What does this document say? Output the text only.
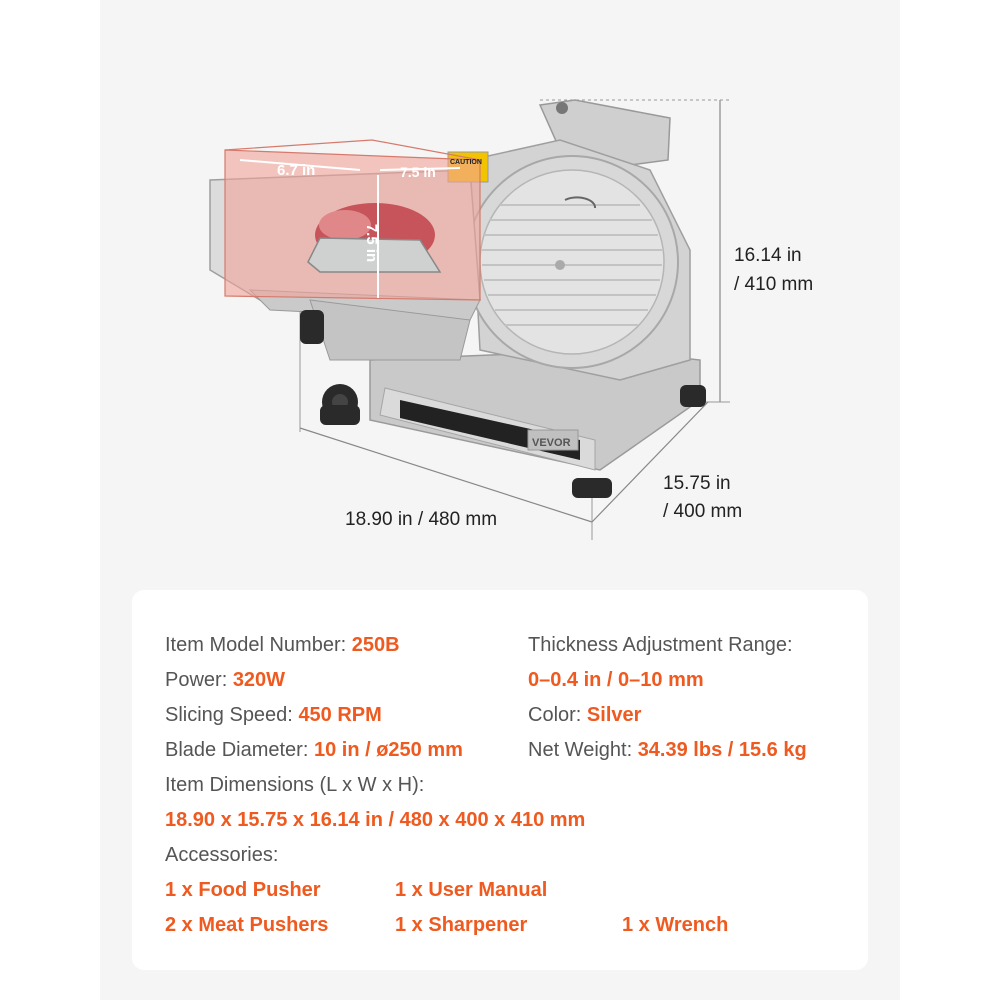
6.7 in	7.5 in
7.5 in
VEVOR
CAUTION
16.14 in
/ 410 mm
18.90 in / 480 mm
15.75 in
/ 400 mm
Item Model Number: 250B
Power: 320W
Slicing Speed: 450 RPM
Blade Diameter: 10 in / ø250 mm
Thickness Adjustment Range:
0–0.4 in / 0–10 mm
Color: Silver
Net Weight: 34.39 lbs / 15.6 kg
Item Dimensions (L x W x H):
18.90 x 15.75 x 16.14 in / 480 x 400 x 410 mm
Accessories:
1 x Food Pusher	1 x User Manual
2 x Meat Pushers	1 x Sharpener	1 x Wrench
